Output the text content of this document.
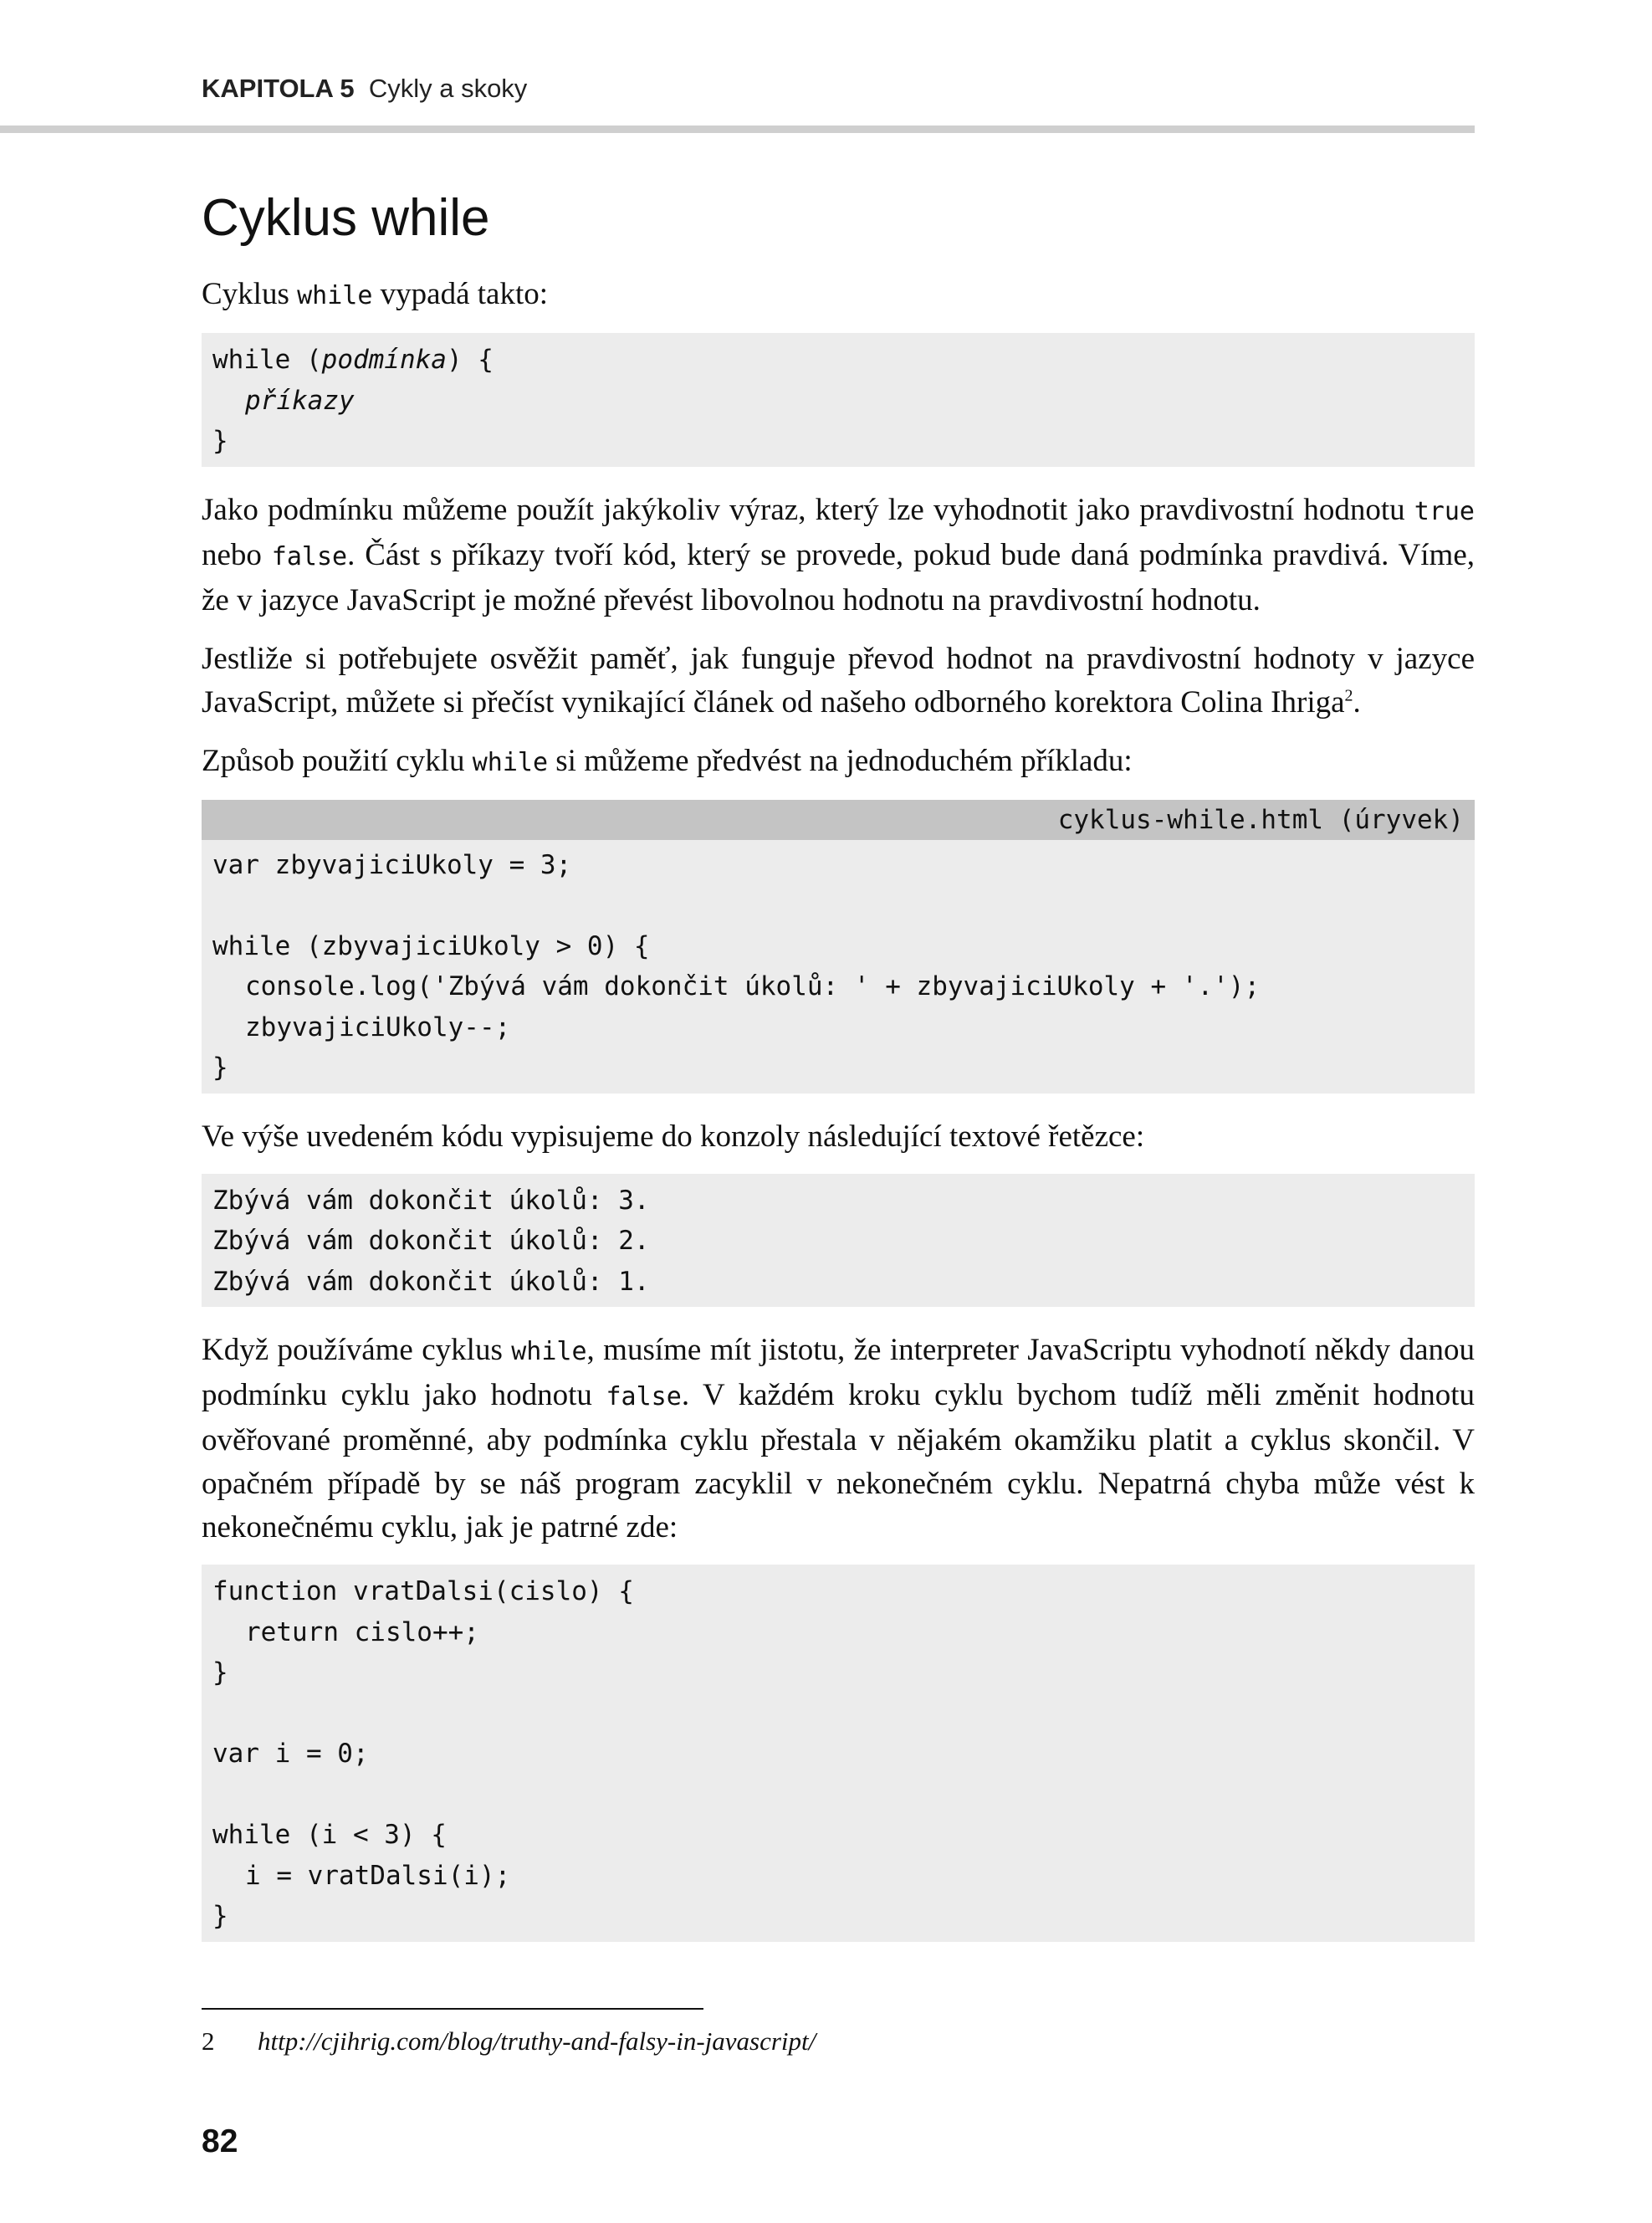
KAPITOLA 5 Cykly a skoky
Cyklus while

Cyklus while vypadá takto:

while (podmínka) {
příkazy
}

Jako podmínku můžeme použít jakýkoliv výraz, který lze vyhodnotit jako pravdivostní hodnotu true nebo false. Část s příkazy tvoří kód, který se provede, pokud bude daná podmínka pravdivá. Víme, že v jazyce JavaScript je možné převést libovolnou hodnotu na pravdivostní hodnotu.

Jestliže si potřebujete osvěžit paměť, jak funguje převod hodnot na pravdivostní hodnoty v jazyce JavaScript, můžete si přečíst vynikající článek od našeho odborného korektora Colina Ihriga$^2$.

Způsob použití cyklu while si můžeme předvést na jednoduchém příkladu:

cyklus-while.html (úryvek)
var zbyvajiciUkoly = 3;
while (zbyvajiciUkoly > 0) {
console.log('Zbývá vám dokončit úkolů: ' + zbyvajiciUkoly + '.');
zbyvajiciUkoly--;
}

Ve výše uvedeném kódu vypisujeme do konzoly následující textové řetězce:

Zbývá vám dokončit úkolů: 3.
Zbývá vám dokončit úkolů: 2.
Zbývá vám dokončit úkolů: 1.

Když používáme cyklus while, musíme mít jistotu, že interpreter JavaScriptu vyhodnotí někdy danou podmínku cyklu jako hodnotu false. V každém kroku cyklu bychom tudíž měli změnit hodnotu ověřované proměnné, aby podmínka cyklu přestala v nějakém okamžiku platit a cyklus skončil. V opačném případě by se náš program zacyklil v nekonečném cyklu. Nepatrná chyba může vést k nekonečnému cyklu, jak je patrné zde:

function vratDalsi(cislo) {
return cislo++;
}
var i = 0;
while (i < 3) {
i = vratDalsi(i);
}
2 http://cjihrig.com/blog/truthy-and-falsy-in-javascript/
82
